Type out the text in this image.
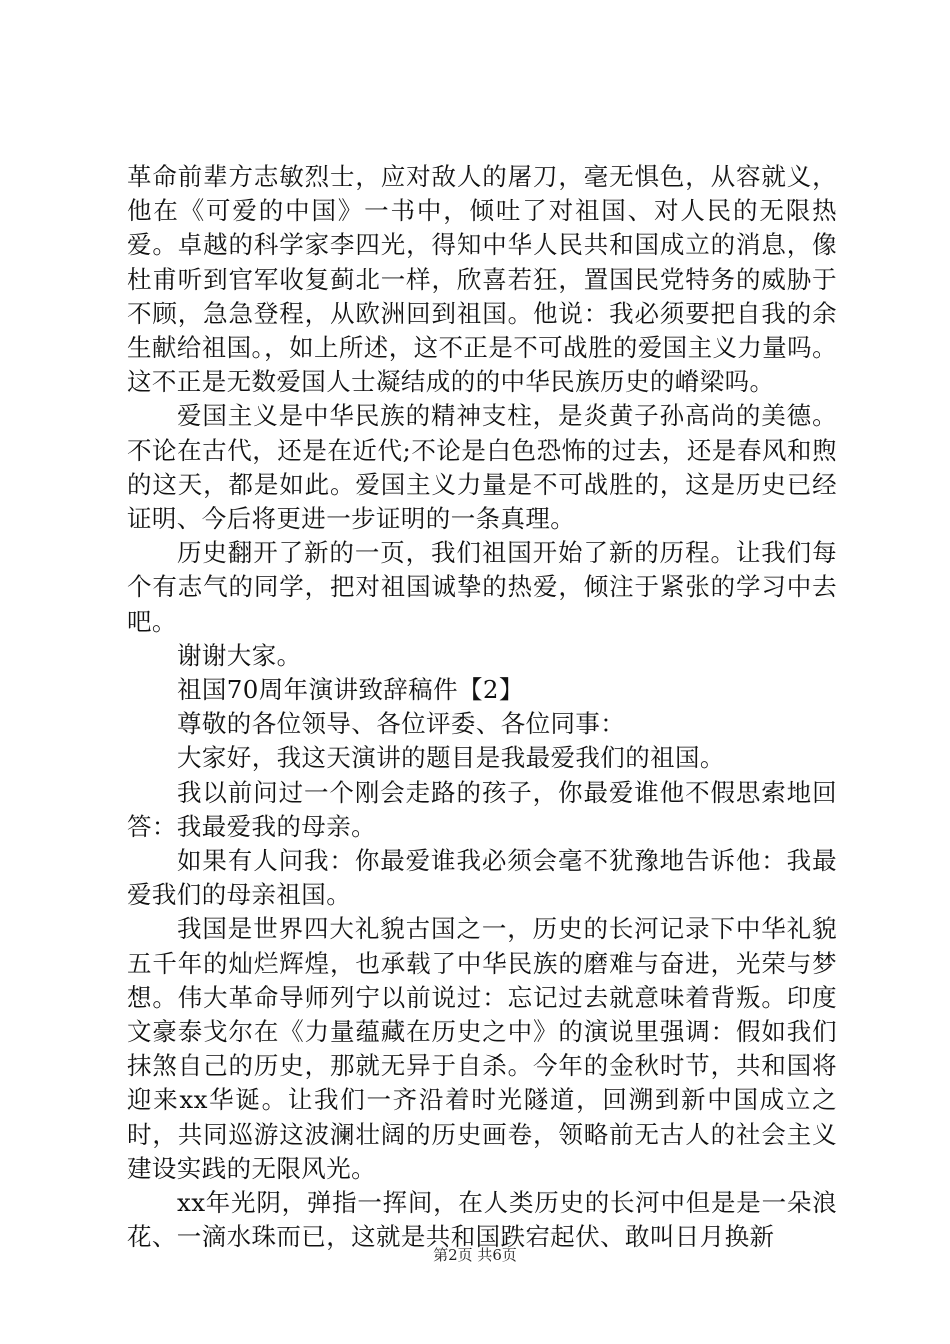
革命前辈方志敏烈士，应对敌人的屠刀，毫无惧色，从容就义，他在《可爱的中国》一书中，倾吐了对祖国、对人民的无限热爱。卓越的科学家李四光，得知中华人民共和国成立的消息，像杜甫听到官军收复蓟北一样，欣喜若狂，置国民党特务的威胁于不顾，急急登程，从欧洲回到祖国。他说：我必须要把自我的余生献给祖国。，如上所述，这不正是不可战胜的爱国主义力量吗。这不正是无数爱国人士凝结成的的中华民族历史的嵴梁吗。

爱国主义是中华民族的精神支柱，是炎黄子孙高尚的美德。不论在古代，还是在近代;不论是白色恐怖的过去，还是春风和煦的这天，都是如此。爱国主义力量是不可战胜的，这是历史已经证明、今后将更进一步证明的一条真理。

历史翻开了新的一页，我们祖国开始了新的历程。让我们每个有志气的同学，把对祖国诚挚的热爱，倾注于紧张的学习中去吧。

谢谢大家。

祖国70周年演讲致辞稿件【2】

尊敬的各位领导、各位评委、各位同事：

大家好，我这天演讲的题目是我最爱我们的祖国。

我以前问过一个刚会走路的孩子，你最爱谁他不假思索地回答：我最爱我的母亲。

如果有人问我：你最爱谁我必须会毫不犹豫地告诉他：我最爱我们的母亲祖国。

我国是世界四大礼貌古国之一，历史的长河记录下中华礼貌五千年的灿烂辉煌，也承载了中华民族的磨难与奋进，光荣与梦想。伟大革命导师列宁以前说过：忘记过去就意味着背叛。印度文豪泰戈尔在《力量蕴藏在历史之中》的演说里强调：假如我们抹煞自己的历史，那就无异于自杀。今年的金秋时节，共和国将迎来xx华诞。让我们一齐沿着时光隧道，回溯到新中国成立之时，共同巡游这波澜壮阔的历史画卷，领略前无古人的社会主义建设实践的无限风光。

xx年光阴，弹指一挥间，在人类历史的长河中但是是一朵浪花、一滴水珠而已，这就是共和国跌宕起伏、敢叫日月换新

第2页 共6页
